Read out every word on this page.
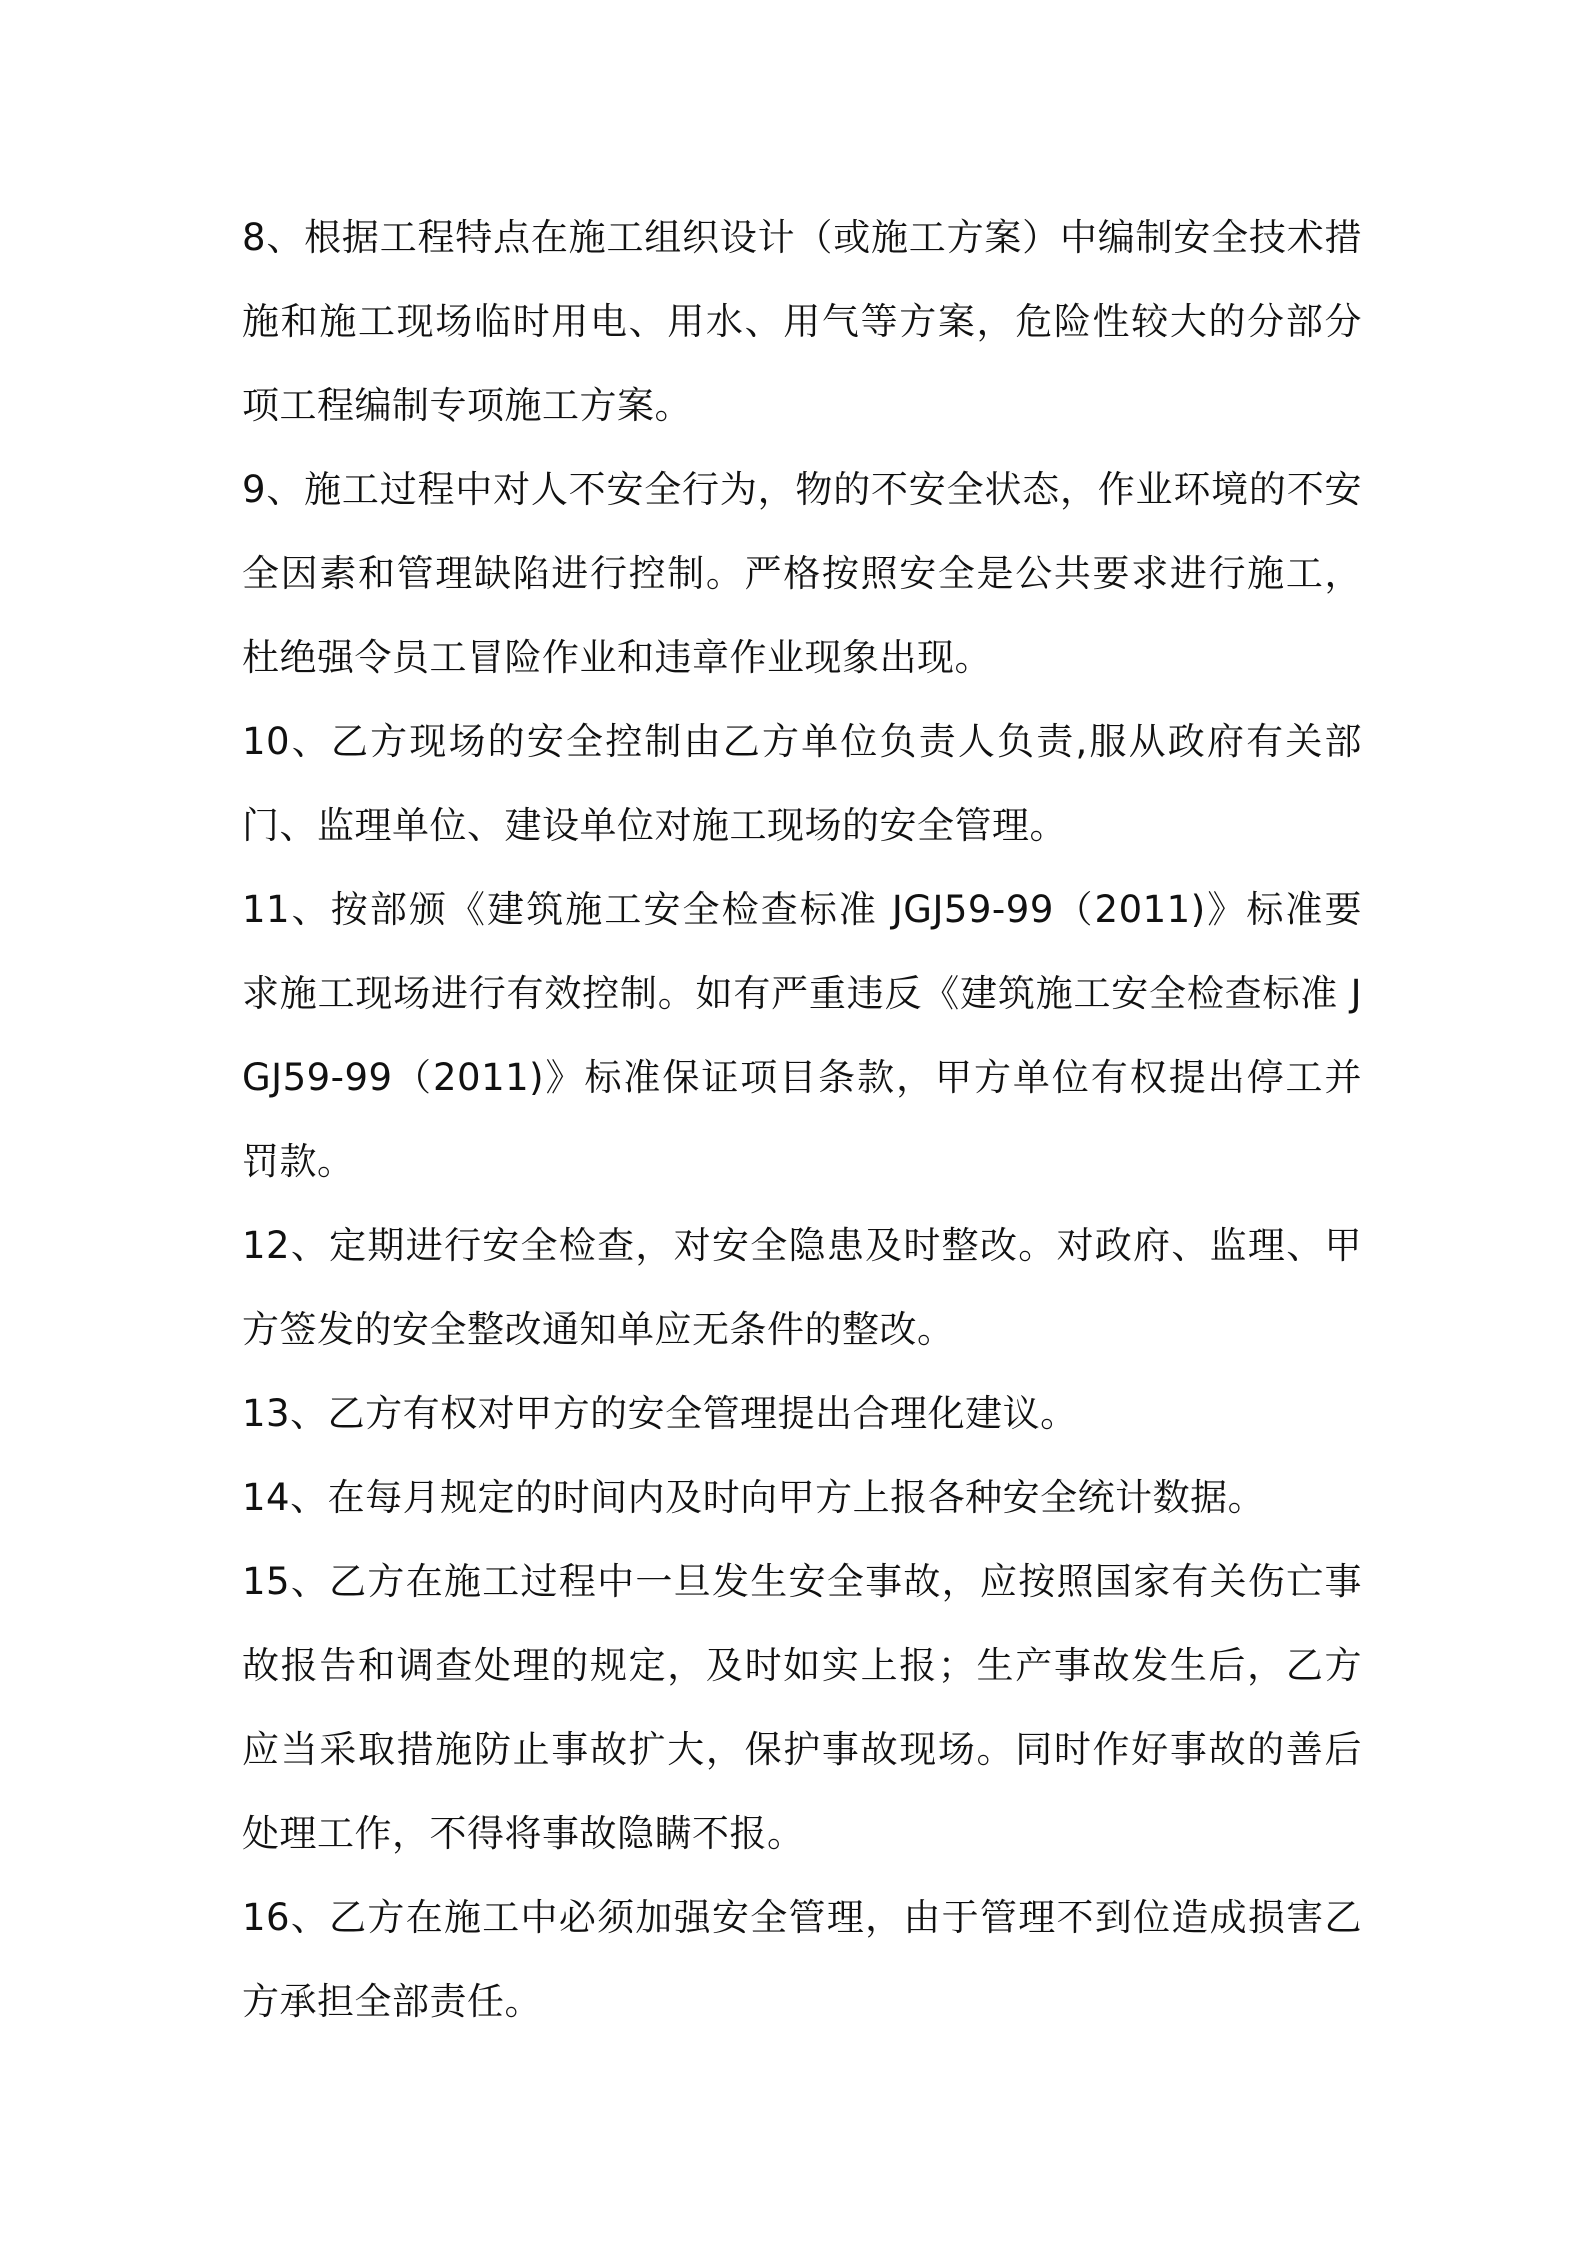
8、根据工程特点在施工组织设计（或施工方案）中编制安全技术措施和施工现场临时用电、用水、用气等方案，危险性较大的分部分项工程编制专项施工方案。

9、施工过程中对人不安全行为，物的不安全状态，作业环境的不安全因素和管理缺陷进行控制。严格按照安全是公共要求进行施工，杜绝强令员工冒险作业和违章作业现象出现。

10、乙方现场的安全控制由乙方单位负责人负责,服从政府有关部门、监理单位、建设单位对施工现场的安全管理。

11、按部颁《建筑施工安全检查标准 JGJ59-99（2011)》标准要求施工现场进行有效控制。如有严重违反《建筑施工安全检查标准 JGJ59-99（2011)》标准保证项目条款，甲方单位有权提出停工并罚款。

12、定期进行安全检查，对安全隐患及时整改。对政府、监理、甲方签发的安全整改通知单应无条件的整改。

13、乙方有权对甲方的安全管理提出合理化建议。

14、在每月规定的时间内及时向甲方上报各种安全统计数据。

15、乙方在施工过程中一旦发生安全事故，应按照国家有关伤亡事故报告和调查处理的规定，及时如实上报；生产事故发生后，乙方应当采取措施防止事故扩大，保护事故现场。同时作好事故的善后处理工作，不得将事故隐瞒不报。

16、乙方在施工中必须加强安全管理，由于管理不到位造成损害乙方承担全部责任。
